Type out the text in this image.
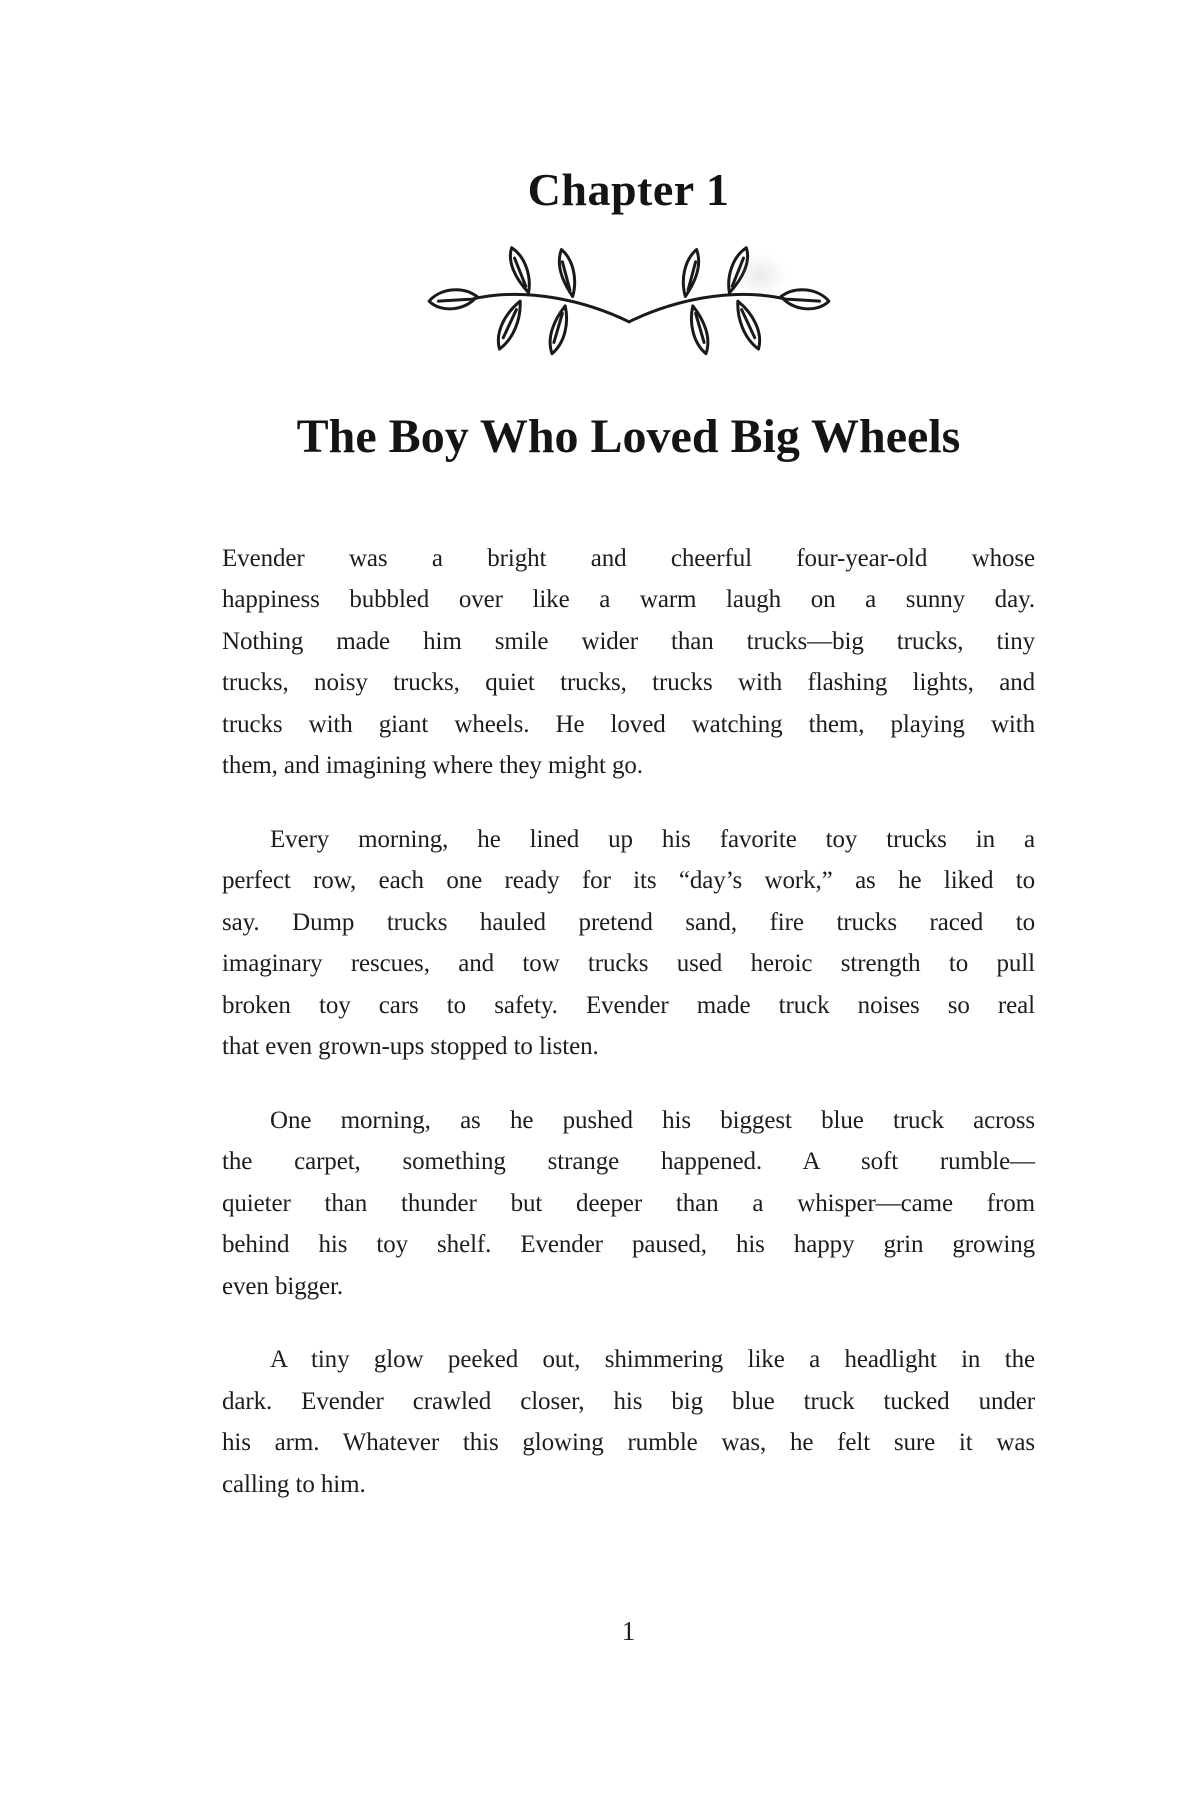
Chapter 1
The Boy Who Loved Big Wheels
Evender was a bright and cheerful four-year-old whose
happiness bubbled over like a warm laugh on a sunny day.
Nothing made him smile wider than trucks—big trucks, tiny
trucks, noisy trucks, quiet trucks, trucks with flashing lights, and
trucks with giant wheels. He loved watching them, playing with
them, and imagining where they might go.
Every morning, he lined up his favorite toy trucks in a
perfect row, each one ready for its “day’s work,” as he liked to
say. Dump trucks hauled pretend sand, fire trucks raced to
imaginary rescues, and tow trucks used heroic strength to pull
broken toy cars to safety. Evender made truck noises so real
that even grown-ups stopped to listen.
One morning, as he pushed his biggest blue truck across
the carpet, something strange happened. A soft rumble—
quieter than thunder but deeper than a whisper—came from
behind his toy shelf. Evender paused, his happy grin growing
even bigger.
A tiny glow peeked out, shimmering like a headlight in the
dark. Evender crawled closer, his big blue truck tucked under
his arm. Whatever this glowing rumble was, he felt sure it was
calling to him.
1
